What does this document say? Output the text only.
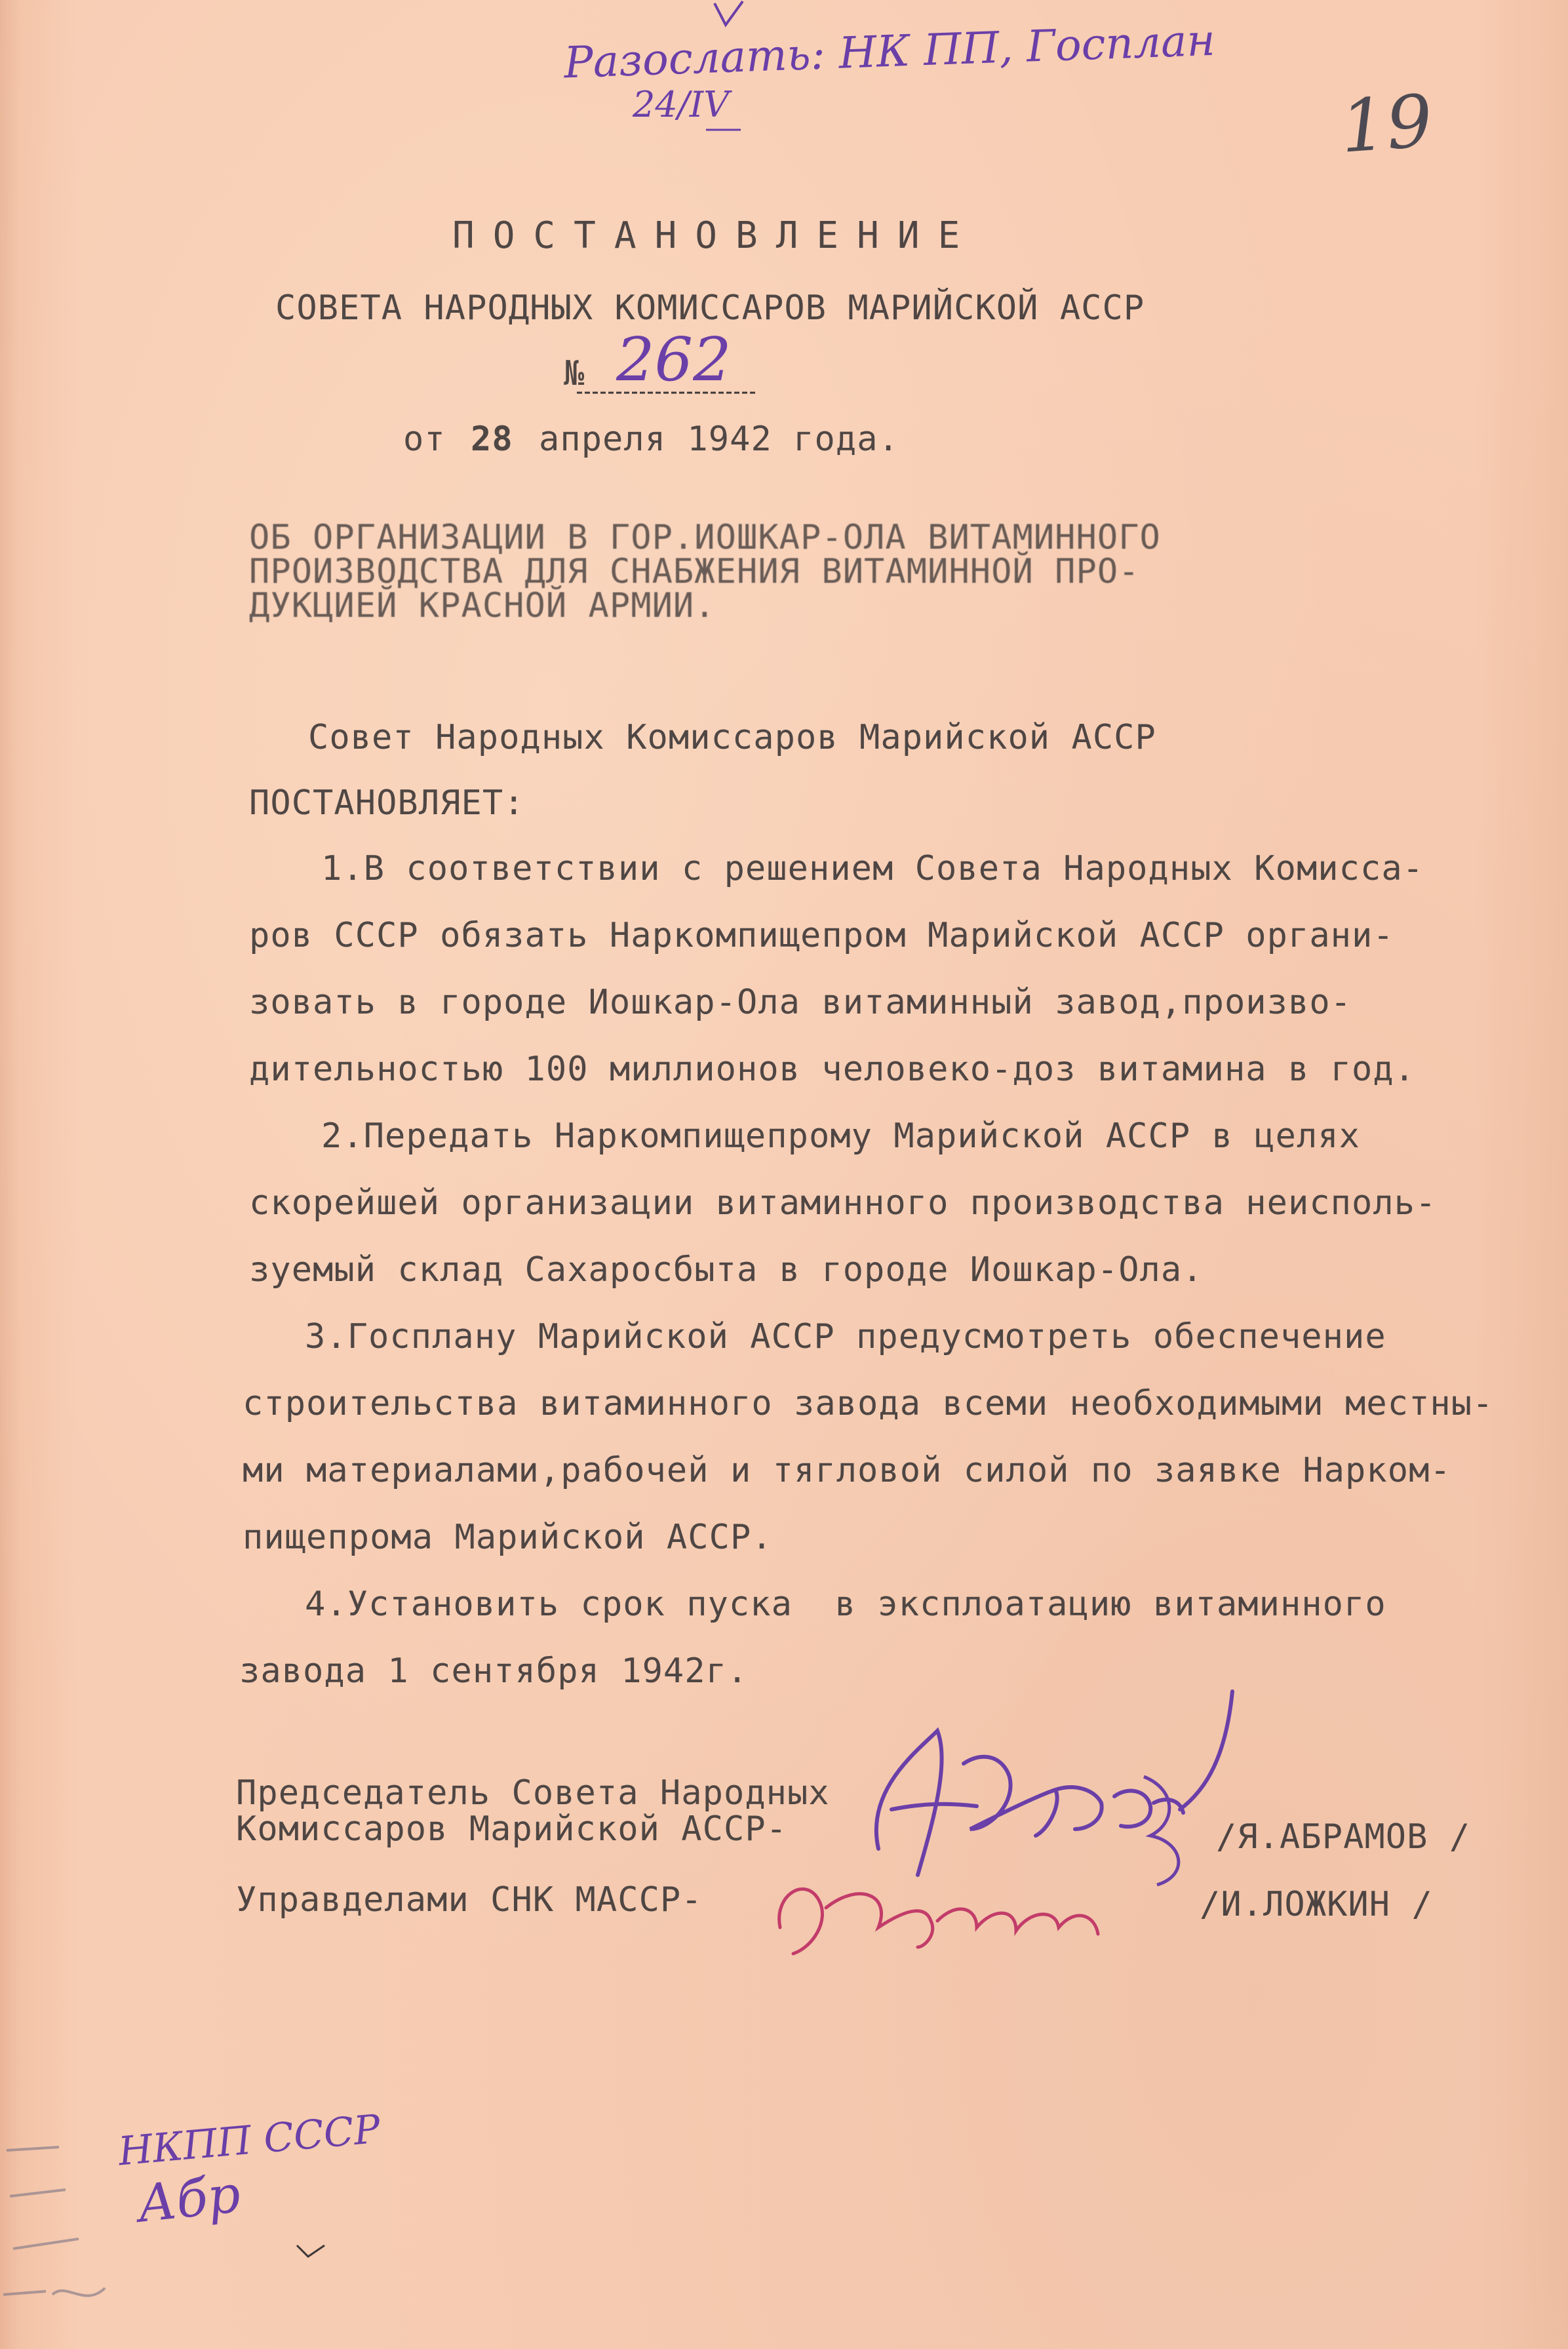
Разослать: НК ПП, Госплан
24/IV	19
ПОСТАНОВЛЕНИЕ
СОВЕТА НАРОДНЫХ КОМИССАРОВ МАРИЙСКОЙ АССР
№ 262
от 28 апреля 1942 года.
ОБ ОРГАНИЗАЦИИ В ГОР.ИОШКАР-ОЛА ВИТАМИННОГО
ПРОИЗВОДСТВА ДЛЯ СНАБЖЕНИЯ ВИТАМИННОЙ ПРО-
ДУКЦИЕЙ КРАСНОЙ АРМИИ.
Совет Народных Комиссаров Марийской АССР
ПОСТАНОВЛЯЕТ:
1.В соответствии с решением Совета Народных Комисса-
ров СССР обязать Наркомпищепром Марийской АССР органи-
зовать в городе Иошкар-Ола витаминный завод,произво-
дительностью 100 миллионов человеко-доз витамина в год.
2.Передать Наркомпищепрому Марийской АССР в целях
скорейшей организации витаминного производства неисполь-
зуемый склад Сахаросбыта в городе Иошкар-Ола.
3.Госплану Марийской АССР предусмотреть обеспечение
строительства витаминного завода всеми необходимыми местны-
ми материалами,рабочей и тягловой силой по заявке Нарком-
пищепрома Марийской АССР.
4.Установить срок пуска  в эксплоатацию витаминного
завода 1 сентября 1942г.
Председатель Совета Народных
Комиссаров Марийской АССР-	/Я.АБРАМОВ /
Управделами СНК МАССР-	/И.ЛОЖКИН /
НКПП СССР
Абр
